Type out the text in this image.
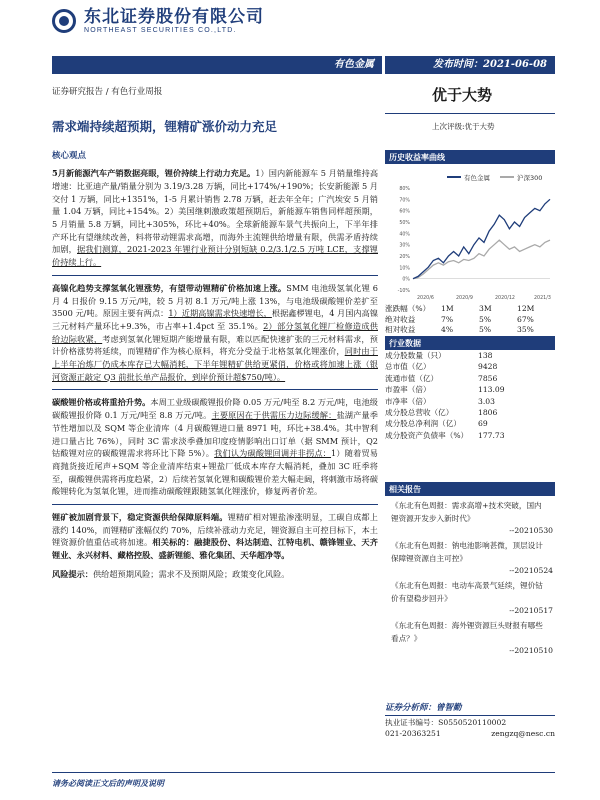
东北证券股份有限公司
NORTHEAST SECURITIES CO.,LTD.
有色金属	发布时间：2021-06-08
证券研究报告 / 有色行业周报	优于大势
上次评级:优于大势
需求端持续超预期，锂精矿涨价动力充足
核心观点
5月新能源汽车产销数据亮眼，锂价持续上行动力充足。1）国内新能源车 5 月销量维持高增速：比亚迪产量/销量分别为 3.19/3.28 万辆，同比+174%/+190%；长安新能源 5 月交付 1 万辆，同比+1351%，1-5 月累计销售 2.78 万辆，赶去年全年；广汽埃安 5 月销量 1.04 万辆，同比+154%。2）美国继刺激政策超预期后，新能源车销售同样超预期，5 月销量 5.8 万辆，同比+305%，环比+40%。全球新能源车景气共振向上，下半年排产环比有望继续改善，料将带动锂需求高增，而海外主流锂供给增量有限，供需矛盾持续加剧，据我们测算，2021-2023 年锂行业预计分别短缺 0.2/3.1/2.5 万吨 LCE，支撑锂价持续上行。
高镍化趋势支撑氢氧化锂涨势，有望带动锂精矿价格加速上涨。SMM 电池级氢氧化锂 6 月 4 日报价 9.15 万元/吨，较 5 月初 8.1 万元/吨上涨 13%，与电池级碳酸锂价差扩至 3500 元/吨。原因主要有两点：1）近期高镍需求快速增长，根据鑫椤锂电，4 月国内高镍三元材料产量环比+9.3%，市占率+1.4pct 至 35.1%。2）部分氢氧化锂厂检修造成供给边际收紧，考虑到氢氧化锂短期产能增量有限，难以匹配快速扩张的三元材料需求，预计价格涨势将延续，而锂精矿作为核心原料，将充分受益于北格氢氧化锂涨价，同时由于上半年冶炼厂仍成本库存已大幅消耗，下半年锂精矿供给更紧俏，价格或将加速上涨（银河资源正敲定 Q3 前批长单产品报价，到岸价预计超$750/吨）。
碳酸锂价格或将重拾升势。本周工业级碳酸锂报价降 0.05 万元/吨至 8.2 万元/吨，电池级碳酸锂报价降 0.1 万元/吨至 8.8 万元/吨。主要原因在于供需压力边际缓解：盐湖产量季节性增加以及 SQM 等企业清库（4 月碳酸锂进口量 8971 吨，环比+38.4%。其中智利进口量占比 76%），同时 3C 需求淡季叠加印度疫情影响出口订单（据 SMM 预计，Q2 钴酸锂对应的碳酸锂需求将环比下降 5%）。我们认为碳酸锂回调并非拐点：1）随着贸易商抛货接近尾声+SQM 等企业清库结束+锂盐厂低成本库存大幅消耗，叠加 3C 旺季将至，碳酸锂供需将再度趋紧，2）后续若氢氧化锂和碳酸锂价差大幅走阔，将刺激市场将碳酸锂转化为氢氧化锂，进而推动碳酸锂跟随氢氧化锂涨价，修复两者价差。
锂矿被加剧背景下，稳定资源供给保障原料端。锂精矿相对锂盐渗涨明显，工碳自成都上涨约 140%，而锂精矿涨幅仅约 70%，后续补涨动力充足，锂资源自主可控目标下，本土锂资源价值重估或将加速。相关标的：融捷股份、科达制造、江特电机、赣锋锂业、天齐锂业、永兴材料、藏格控股、盛新锂能、雅化集团、天华超净等。
风险提示：供给超预期风险；需求不及预期风险；政策变化风险。
历史收益率曲线
有色金属	沪深300
80%
70%
60%
50%
40%
30%
20%
10%
0%
-10%
2020/6	2020/9	2020/12	2021/3
涨跌幅（%）	1M	3M	12M
绝对收益	7%	5%	67%
相对收益	4%	5%	35%
行业数据
成分股数量（只）	138
总市值（亿）	9428
流通市值（亿）	7856
市盈率（倍）	113.09
市净率（倍）	3.03
成分股总营收（亿）	1806
成分股总净利润（亿）	69
成分股资产负债率（%）	177.73
相关报告
《东北有色周报：需求高增+技术突破，国内锂资源开发步入新时代》
--20210530
《东北有色周报：钠电池影响甚微，顶层设计保障锂资源自主可控》
--20210524
《东北有色周报：电动车高景气延续，锂价钴价有望稳步回升》
--20210517
《东北有色周报：海外锂资源巨头财报有哪些看点？》
--20210510
证券分析师：曾智勤
执业证书编号：S0550520110002
021-20363251	zengzq@nesc.cn
请务必阅读正文后的声明及说明
